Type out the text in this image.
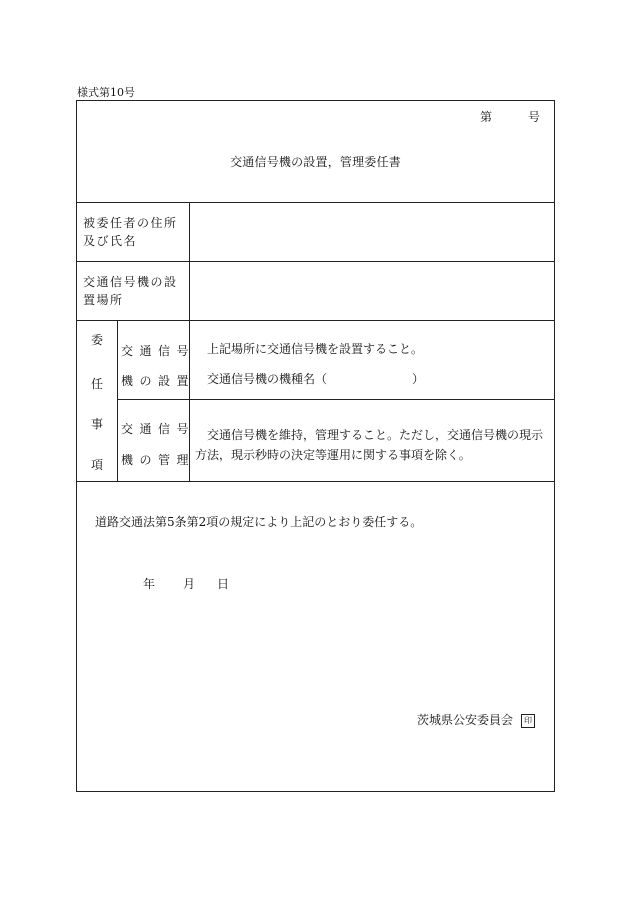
様式第10号
第	号
交通信号機の設置，管理委任書
被委任者の住所及び氏名
交通信号機の設置場所
委
任
事
項
交通信号
機の設置
上記場所に交通信号機を設置すること。
交通信号機の機種名（	）
交通信号
機の管理
交通信号機を維持，管理すること。ただし，交通信号機の現示方法，現示秒時の決定等運用に関する事項を除く。
道路交通法第5条第2項の規定により上記のとおり委任する。
年 月 日
茨城県公安委員会 印
